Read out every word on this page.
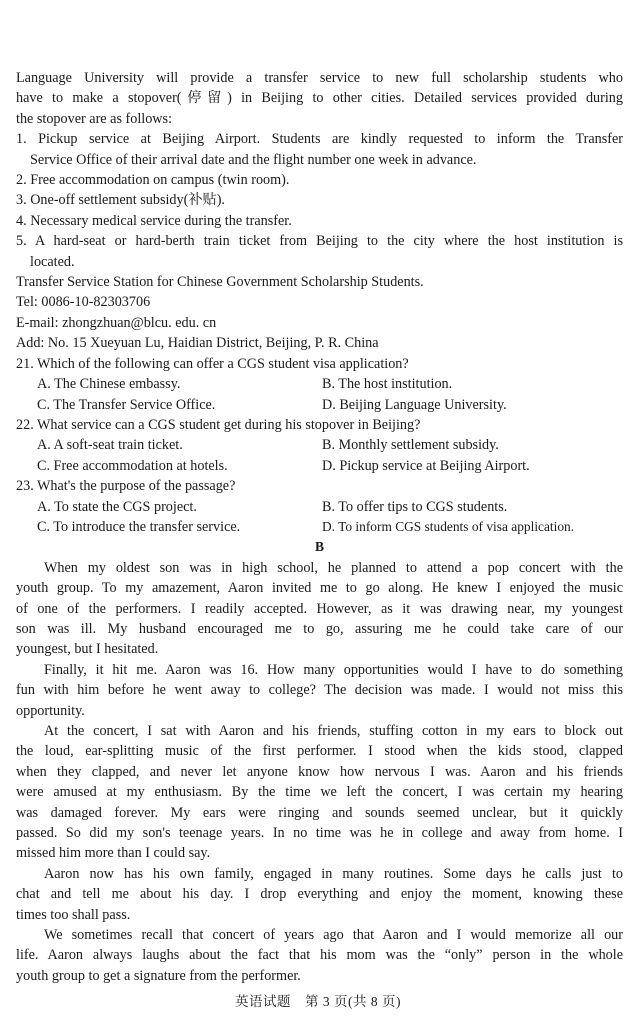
Language University will provide a transfer service to new full scholarship students who
have to make a stopover(停留) in Beijing to other cities. Detailed services provided during
the stopover are as follows:
1. Pickup service at Beijing Airport. Students are kindly requested to inform the Transfer
Service Office of their arrival date and the flight number one week in advance.
2. Free accommodation on campus (twin room).
3. One-off settlement subsidy(补贴).
4. Necessary medical service during the transfer.
5. A hard-seat or hard-berth train ticket from Beijing to the city where the host institution is
located.
Transfer Service Station for Chinese Government Scholarship Students.
Tel: 0086-10-82303706
E-mail: zhongzhuan@blcu. edu. cn
Add: No. 15 Xueyuan Lu, Haidian District, Beijing, P. R. China
21. Which of the following can offer a CGS student visa application?
A. The Chinese embassy.	B. The host institution.
C. The Transfer Service Office.	D. Beijing Language University.
22. What service can a CGS student get during his stopover in Beijing?
A. A soft-seat train ticket.	B. Monthly settlement subsidy.
C. Free accommodation at hotels.	D. Pickup service at Beijing Airport.
23. What's the purpose of the passage?
A. To state the CGS project.	B. To offer tips to CGS students.
C. To introduce the transfer service.	D. To inform CGS students of visa application.
B
When my oldest son was in high school, he planned to attend a pop concert with the
youth group. To my amazement, Aaron invited me to go along. He knew I enjoyed the music
of one of the performers. I readily accepted. However, as it was drawing near, my youngest
son was ill. My husband encouraged me to go, assuring me he could take care of our
youngest, but I hesitated.
Finally, it hit me. Aaron was 16. How many opportunities would I have to do something
fun with him before he went away to college? The decision was made. I would not miss this
opportunity.
At the concert, I sat with Aaron and his friends, stuffing cotton in my ears to block out
the loud, ear-splitting music of the first performer. I stood when the kids stood, clapped
when they clapped, and never let anyone know how nervous I was. Aaron and his friends
were amused at my enthusiasm. By the time we left the concert, I was certain my hearing
was damaged forever. My ears were ringing and sounds seemed unclear, but it quickly
passed. So did my son's teenage years. In no time was he in college and away from home. I
missed him more than I could say.
Aaron now has his own family, engaged in many routines. Some days he calls just to
chat and tell me about his day. I drop everything and enjoy the moment, knowing these
times too shall pass.
We sometimes recall that concert of years ago that Aaron and I would memorize all our
life. Aaron always laughs about the fact that his mom was the “only” person in the whole
youth group to get a signature from the performer.
英语试题　第 3 页(共 8 页)
